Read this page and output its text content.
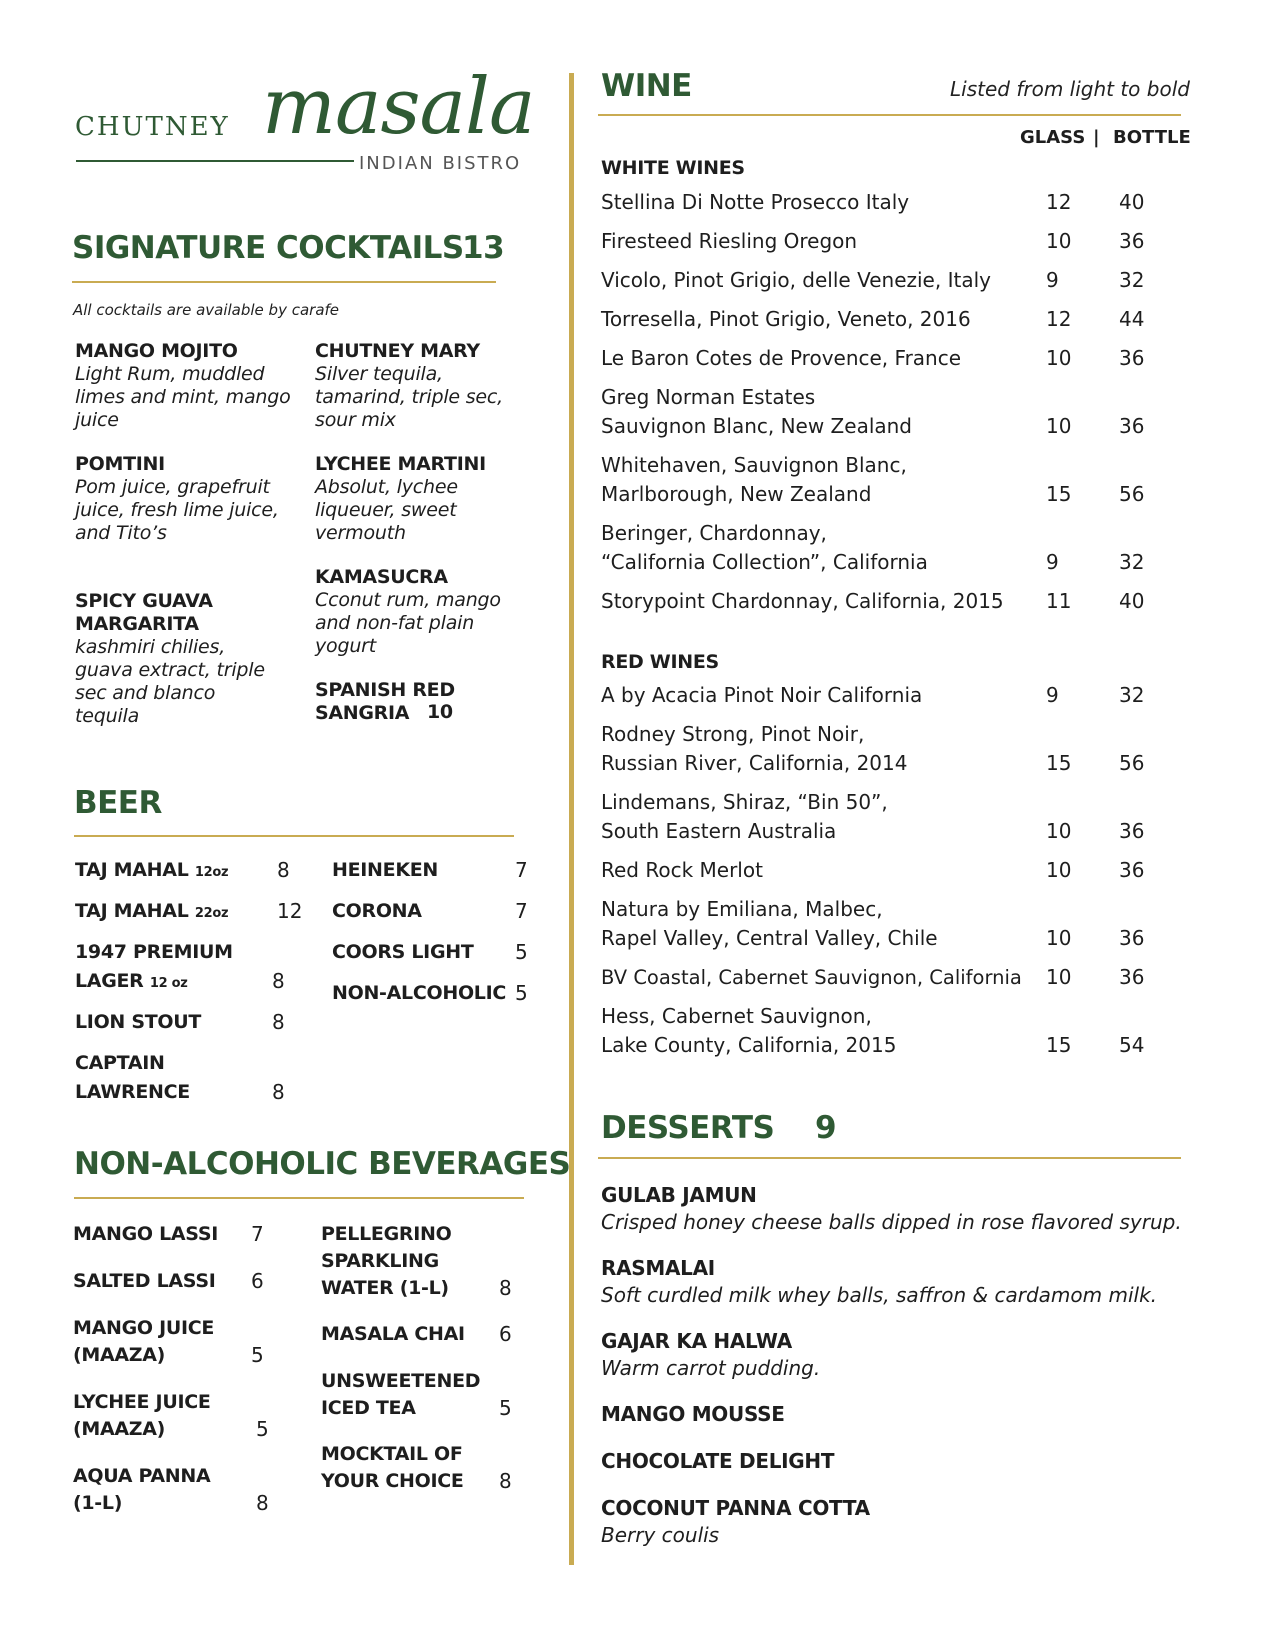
CHUTNEY masala
INDIAN BISTRO
SIGNATURE COCKTAILS
13
All cocktails are available by carafe
MANGO MOJITO
Light Rum, muddled limes and mint, mango juice
POMTINI
Pom juice, grapefruit juice, fresh lime juice, and Tito’s
SPICY GUAVA MARGARITA
kashmiri chilies, guava extract, triple sec and blanco tequila
CHUTNEY MARY
Silver tequila, tamarind, triple sec, sour mix
LYCHEE MARTINI
Absolut, lychee liqueuer, sweet vermouth
KAMASUCRA
Cconut rum, mango and non-fat plain yogurt
SPANISH RED SANGRIA 10
BEER
TAJ MAHAL 12oz 8
TAJ MAHAL 22oz 12
1947 PREMIUM
LAGER 12 oz	8
LION STOUT	8
CAPTAIN
LAWRENCE	8
HEINEKEN	7
CORONA	7
COORS LIGHT 5
NON-ALCOHOLIC 5
NON-ALCOHOLIC BEVERAGES
MANGO LASSI 7
SALTED LASSI 6
MANGO JUICE
(MAAZA)	5
LYCHEE JUICE
(MAAZA)	5
AQUA PANNA
(1-L)	8
PELLEGRINO
SPARKLING
WATER (1-L)	8
MASALA CHAI 6
UNSWEETENED
ICED TEA	5
MOCKTAIL OF
YOUR CHOICE 8
WINE	Listed from light to bold
GLASS | BOTTLE
WHITE WINES
Stellina Di Notte Prosecco Italy	12 40
Firesteed Riesling Oregon	10 36
Vicolo, Pinot Grigio, delle Venezie, Italy	9	32
Torresella, Pinot Grigio, Veneto, 2016	12 44
Le Baron Cotes de Provence, France	10 36
Greg Norman Estates
Sauvignon Blanc, New Zealand	10 36
Whitehaven, Sauvignon Blanc,
Marlborough, New Zealand	15 56
Beringer, Chardonnay,
“California Collection”, California	9	32
Storypoint Chardonnay, California, 2015	11 40
RED WINES
A by Acacia Pinot Noir California	9	32
Rodney Strong, Pinot Noir,
Russian River, California, 2014	15 56
Lindemans, Shiraz, “Bin 50”,
South Eastern Australia	10 36
Red Rock Merlot	10 36
Natura by Emiliana, Malbec,
Rapel Valley, Central Valley, Chile	10 36
BV Coastal, Cabernet Sauvignon, California	10 36
Hess, Cabernet Sauvignon,
Lake County, California, 2015	15 54
DESSERTS 9
GULAB JAMUN
Crisped honey cheese balls dipped in rose flavored syrup.
RASMALAI
Soft curdled milk whey balls, saffron & cardamom milk.
GAJAR KA HALWA
Warm carrot pudding.
MANGO MOUSSE
CHOCOLATE DELIGHT
COCONUT PANNA COTTA
Berry coulis
